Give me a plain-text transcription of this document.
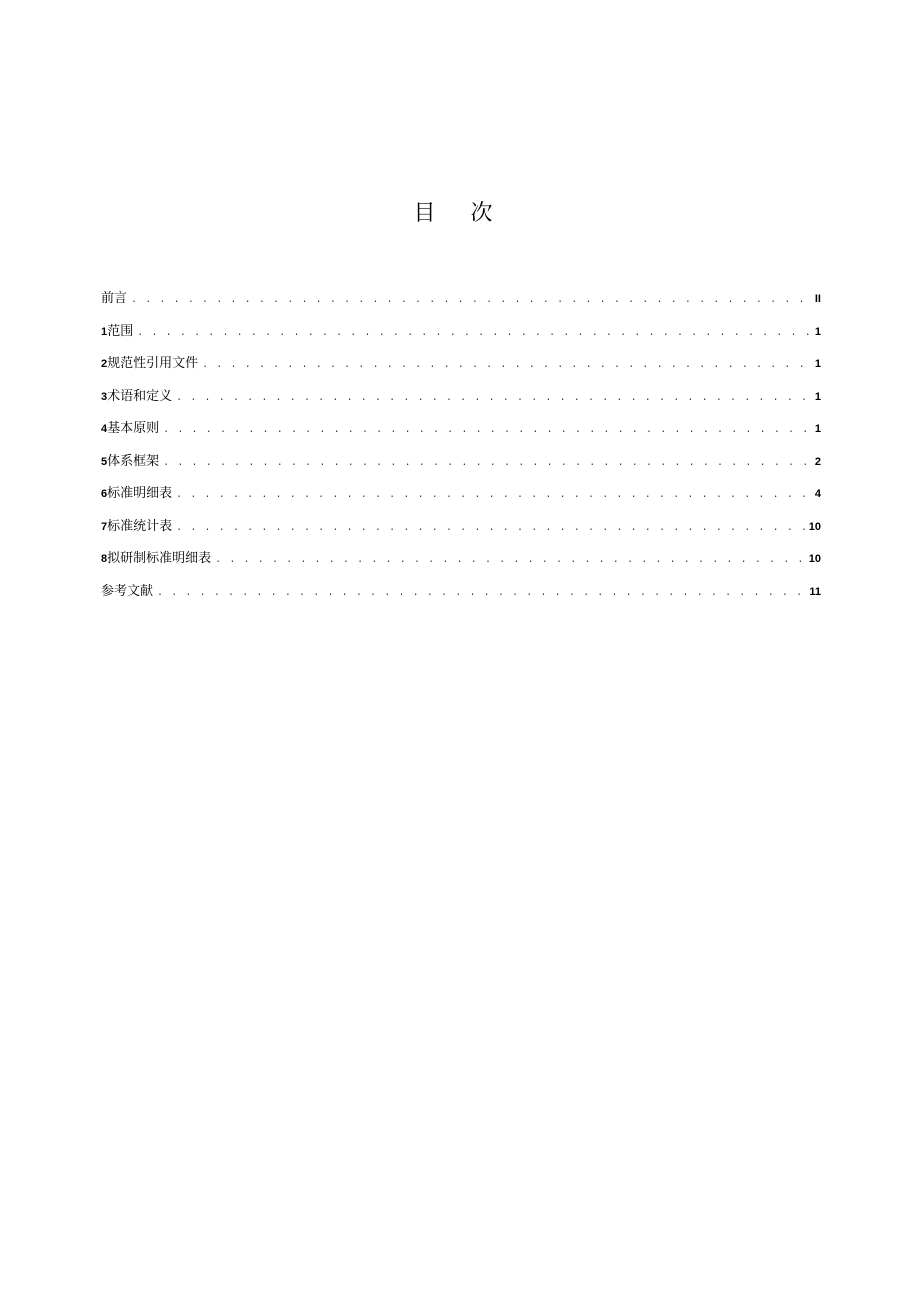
目 次
前言 . . .	II
1 范围 . . .	1
2 规范性引用文件 . . .	1
3 术语和定义 . . .	1
4 基本原则 . . .	1
5 体系框架 . . .	2
6 标准明细表 . . .	4
7 标准统计表 . . .	10
8 拟研制标准明细表 . . .	10
参考文献 . . .	11
